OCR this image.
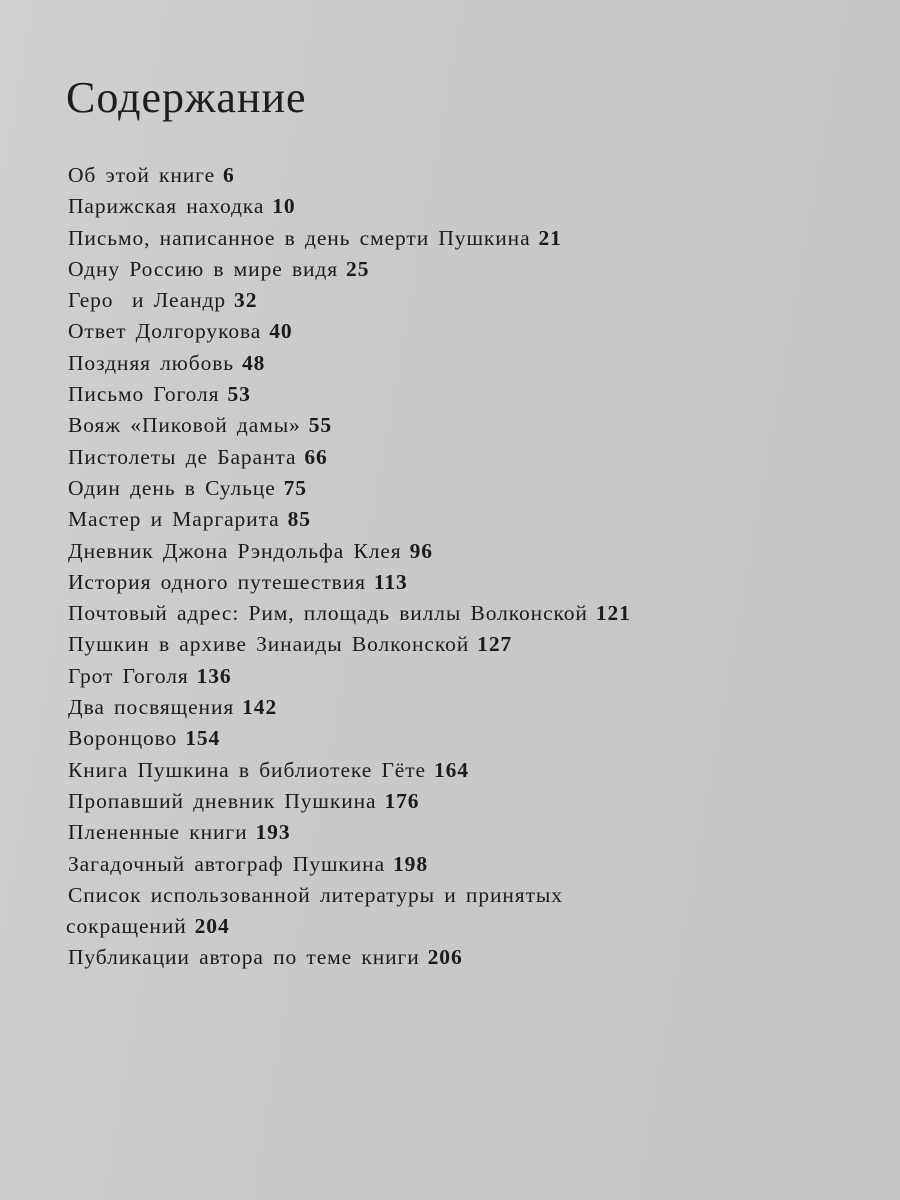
Содержание
Об этой книге 6
Парижская находка 10
Письмо, написанное в день смерти Пушкина 21
Одну Россию в мире видя 25
Геро  и Леандр 32
Ответ Долгорукова 40
Поздняя любовь 48
Письмо Гоголя 53
Вояж «Пиковой дамы» 55
Пистолеты де Баранта 66
Один день в Сульце 75
Мастер и Маргарита 85
Дневник Джона Рэндольфа Клея 96
История одного путешествия 113
Почтовый адрес: Рим, площадь виллы Волконской 121
Пушкин в архиве Зинаиды Волконской 127
Грот Гоголя 136
Два посвящения 142
Воронцово 154
Книга Пушкина в библиотеке Гёте 164
Пропавший дневник Пушкина 176
Плененные книги 193
Загадочный автограф Пушкина 198
Список использованной литературы и принятых
сокращений 204
Публикации автора по теме книги 206
